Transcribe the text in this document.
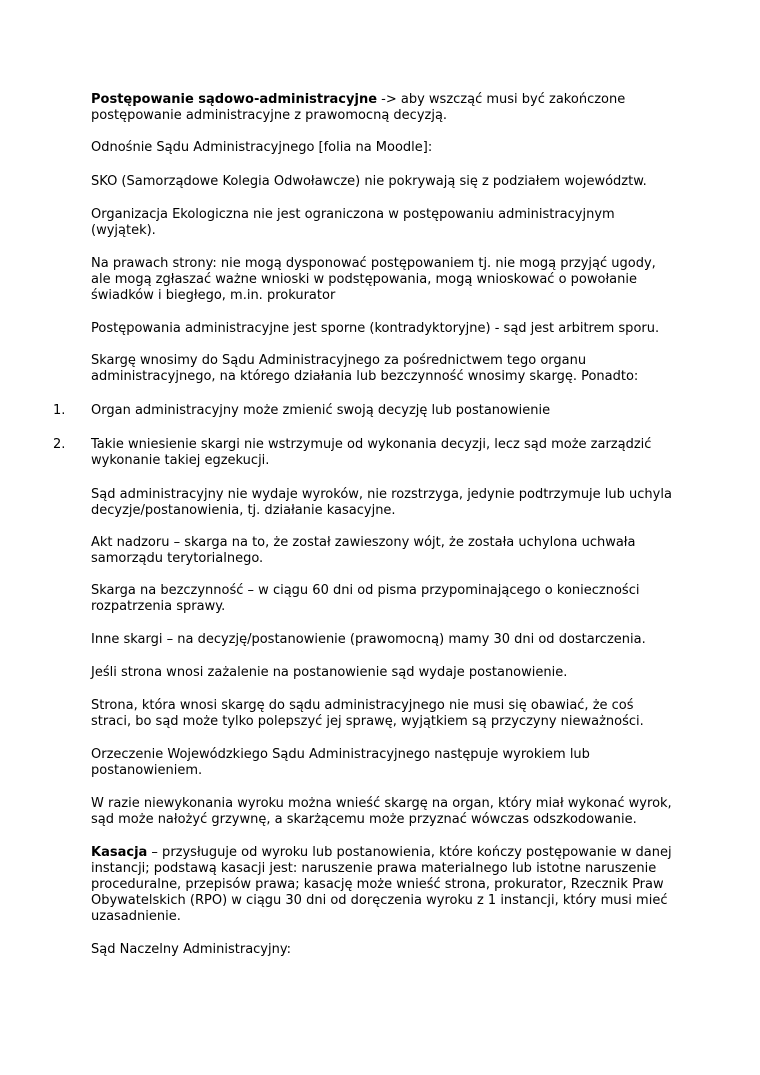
Postępowanie sądowo-administracyjne -> aby wszcząć musi być zakończone
postępowanie administracyjne z prawomocną decyzją.
Odnośnie Sądu Administracyjnego [folia na Moodle]:
SKO (Samorządowe Kolegia Odwoławcze) nie pokrywają się z podziałem województw.
Organizacja Ekologiczna nie jest ograniczona w postępowaniu administracyjnym
(wyjątek).
Na prawach strony: nie mogą dysponować postępowaniem tj. nie mogą przyjąć ugody,
ale mogą zgłaszać ważne wnioski w podstępowania, mogą wnioskować o powołanie
świadków i biegłego, m.in. prokurator
Postępowania administracyjne jest sporne (kontradyktoryjne) - sąd jest arbitrem sporu.
Skargę wnosimy do Sądu Administracyjnego za pośrednictwem tego organu
administracyjnego, na którego działania lub bezczynność wnosimy skargę. Ponadto:
1. Organ administracyjny może zmienić swoją decyzję lub postanowienie
2. Takie wniesienie skargi nie wstrzymuje od wykonania decyzji, lecz sąd może zarządzić
wykonanie takiej egzekucji.
Sąd administracyjny nie wydaje wyroków, nie rozstrzyga, jedynie podtrzymuje lub uchyla
decyzje/postanowienia, tj. działanie kasacyjne.
Akt nadzoru – skarga na to, że został zawieszony wójt, że została uchylona uchwała
samorządu terytorialnego.
Skarga na bezczynność – w ciągu 60 dni od pisma przypominającego o konieczności
rozpatrzenia sprawy.
Inne skargi – na decyzję/postanowienie (prawomocną) mamy 30 dni od dostarczenia.
Jeśli strona wnosi zażalenie na postanowienie sąd wydaje postanowienie.
Strona, która wnosi skargę do sądu administracyjnego nie musi się obawiać, że coś
straci, bo sąd może tylko polepszyć jej sprawę, wyjątkiem są przyczyny nieważności.
Orzeczenie Wojewódzkiego Sądu Administracyjnego następuje wyrokiem lub
postanowieniem.
W razie niewykonania wyroku można wnieść skargę na organ, który miał wykonać wyrok,
sąd może nałożyć grzywnę, a skarżącemu może przyznać wówczas odszkodowanie.
Kasacja – przysługuje od wyroku lub postanowienia, które kończy postępowanie w danej
instancji; podstawą kasacji jest: naruszenie prawa materialnego lub istotne naruszenie
proceduralne, przepisów prawa; kasację może wnieść strona, prokurator, Rzecznik Praw
Obywatelskich (RPO) w ciągu 30 dni od doręczenia wyroku z 1 instancji, który musi mieć
uzasadnienie.
Sąd Naczelny Administracyjny:
